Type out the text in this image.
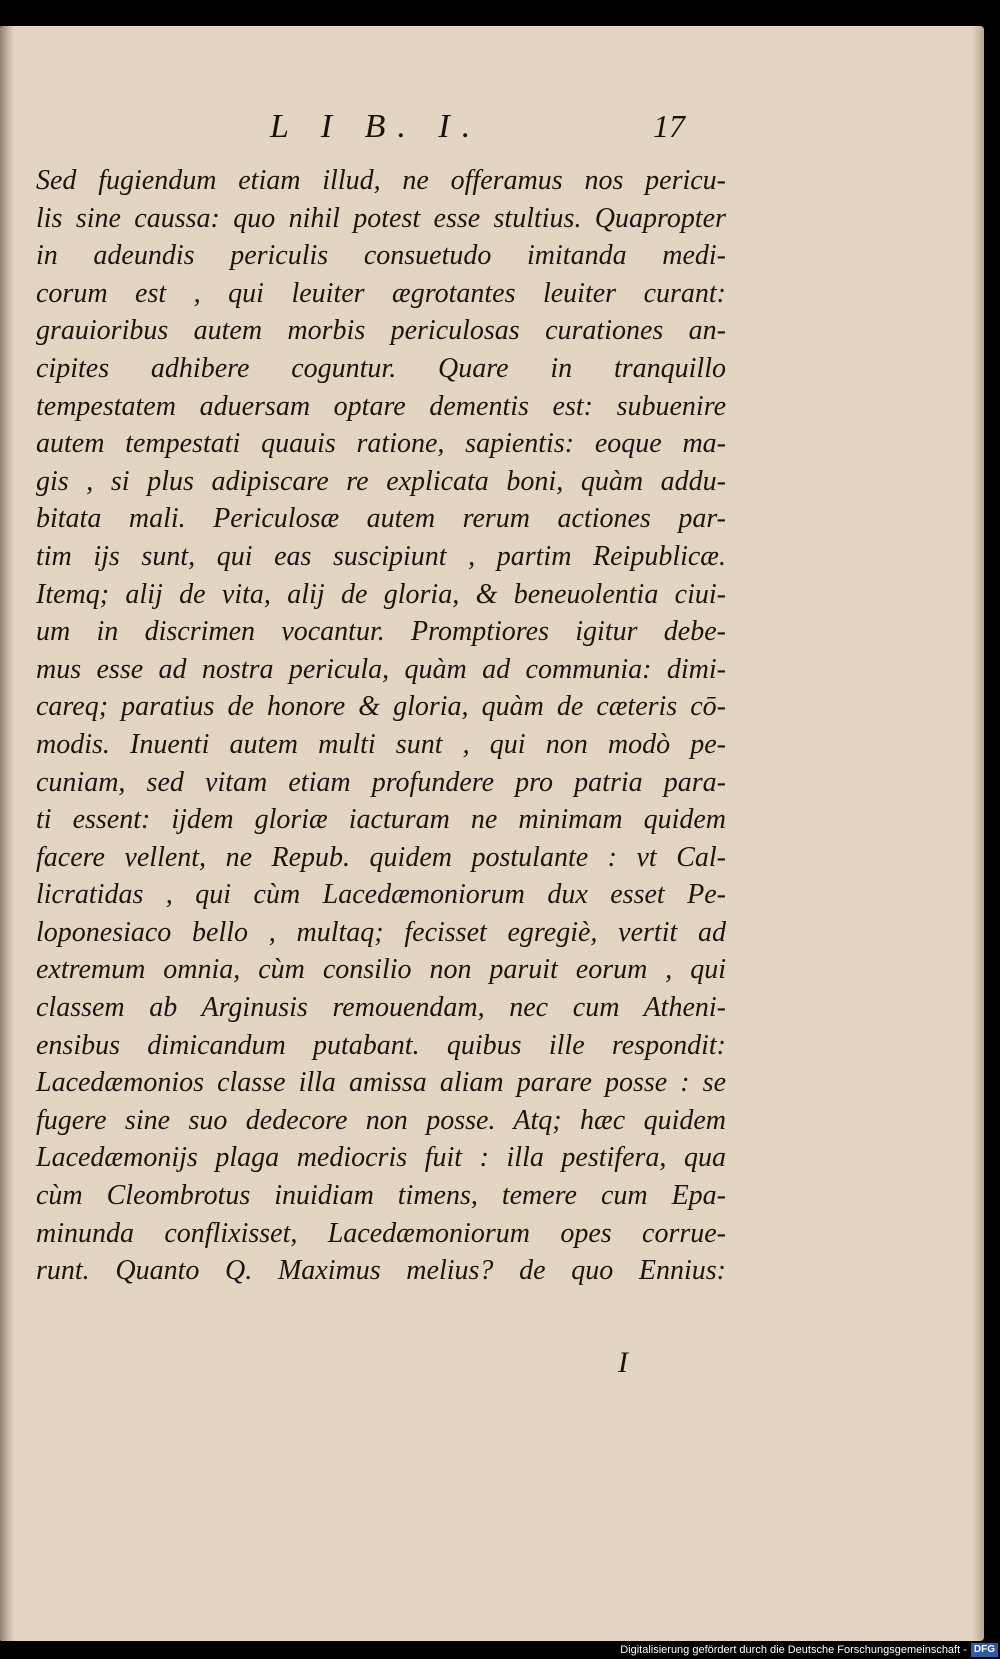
L I B. I.	17
Sed fugiendum etiam illud, ne offeramus nos pericu-
lis sine caussa: quo nihil potest esse stultius. Quapropter
in adeundis periculis consuetudo imitanda medi-
corum est , qui leuiter ægrotantes leuiter curant:
grauioribus autem morbis periculosas curationes an-
cipites adhibere coguntur. Quare in tranquillo
tempestatem aduersam optare dementis est: subuenire
autem tempestati quauis ratione, sapientis: eoque ma-
gis , si plus adipiscare re explicata boni, quàm addu-
bitata mali. Periculosæ autem rerum actiones par-
tim ijs sunt, qui eas suscipiunt , partim Reipublicæ.
Itemq; alij de vita, alij de gloria, & beneuolentia ciui-
um in discrimen vocantur. Promptiores igitur debe-
mus esse ad nostra pericula, quàm ad communia: dimi-
careq; paratius de honore & gloria, quàm de cæteris cō-
modis. Inuenti autem multi sunt , qui non modò pe-
cuniam, sed vitam etiam profundere pro patria para-
ti essent: ijdem gloriæ iacturam ne minimam quidem
facere vellent, ne Repub. quidem postulante : vt Cal-
licratidas , qui cùm Lacedæmoniorum dux esset Pe-
loponesiaco bello , multaq; fecisset egregiè, vertit ad
extremum omnia, cùm consilio non paruit eorum , qui
classem ab Arginusis remouendam, nec cum Atheni-
ensibus dimicandum putabant. quibus ille respondit:
Lacedæmonios classe illa amissa aliam parare posse : se
fugere sine suo dedecore non posse. Atq; hæc quidem
Lacedæmonijs plaga mediocris fuit : illa pestifera, qua
cùm Cleombrotus inuidiam timens, temere cum Epa-
minunda conflixisset, Lacedæmoniorum opes corrue-
runt. Quanto Q. Maximus melius? de quo Ennius:
I
Digitalisierung gefördert durch die Deutsche Forschungsgemeinschaft - DFG
